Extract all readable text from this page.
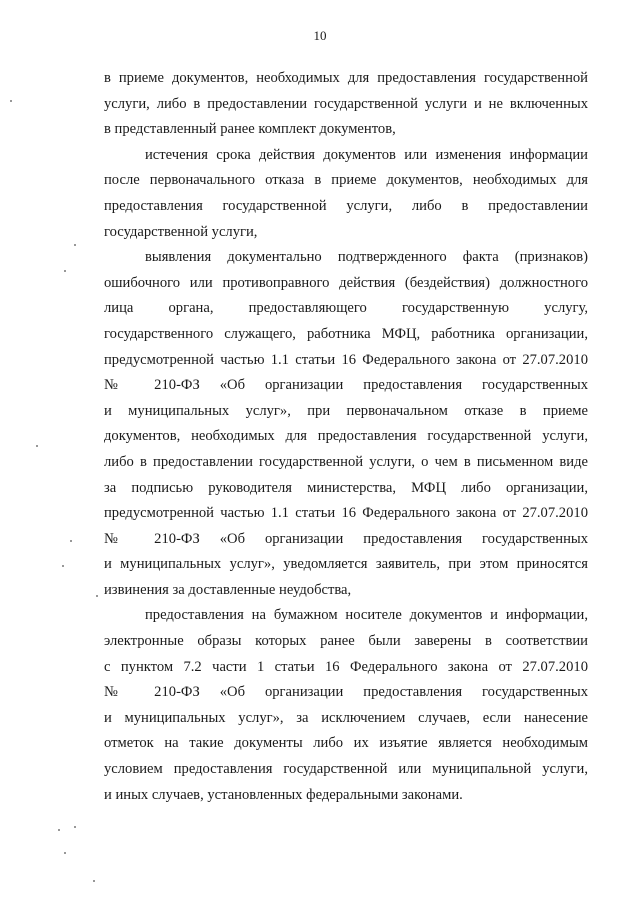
10

в приеме документов, необходимых для предоставления государственной
услуги, либо в предоставлении государственной услуги и не включенных
в представленный ранее комплект документов,

истечения срока действия документов или изменения информации
после первоначального отказа в приеме документов, необходимых для
предоставления государственной услуги, либо в предоставлении
государственной услуги,

выявления документально подтвержденного факта (признаков)
ошибочного или противоправного действия (бездействия) должностного
лица органа, предоставляющего государственную услугу,
государственного служащего, работника МФЦ, работника организации,
предусмотренной частью 1.1 статьи 16 Федерального закона от 27.07.2010
№ 210-ФЗ «Об организации предоставления государственных
и муниципальных услуг», при первоначальном отказе в приеме
документов, необходимых для предоставления государственной услуги,
либо в предоставлении государственной услуги, о чем в письменном виде
за подписью руководителя министерства, МФЦ либо организации,
предусмотренной частью 1.1 статьи 16 Федерального закона от 27.07.2010
№ 210-ФЗ «Об организации предоставления государственных
и муниципальных услуг», уведомляется заявитель, при этом приносятся
извинения за доставленные неудобства,

предоставления на бумажном носителе документов и информации,
электронные образы которых ранее были заверены в соответствии
с пунктом 7.2 части 1 статьи 16 Федерального закона от 27.07.2010
№ 210-ФЗ «Об организации предоставления государственных
и муниципальных услуг», за исключением случаев, если нанесение
отметок на такие документы либо их изъятие является необходимым
условием предоставления государственной или муниципальной услуги,
и иных случаев, установленных федеральными законами.
